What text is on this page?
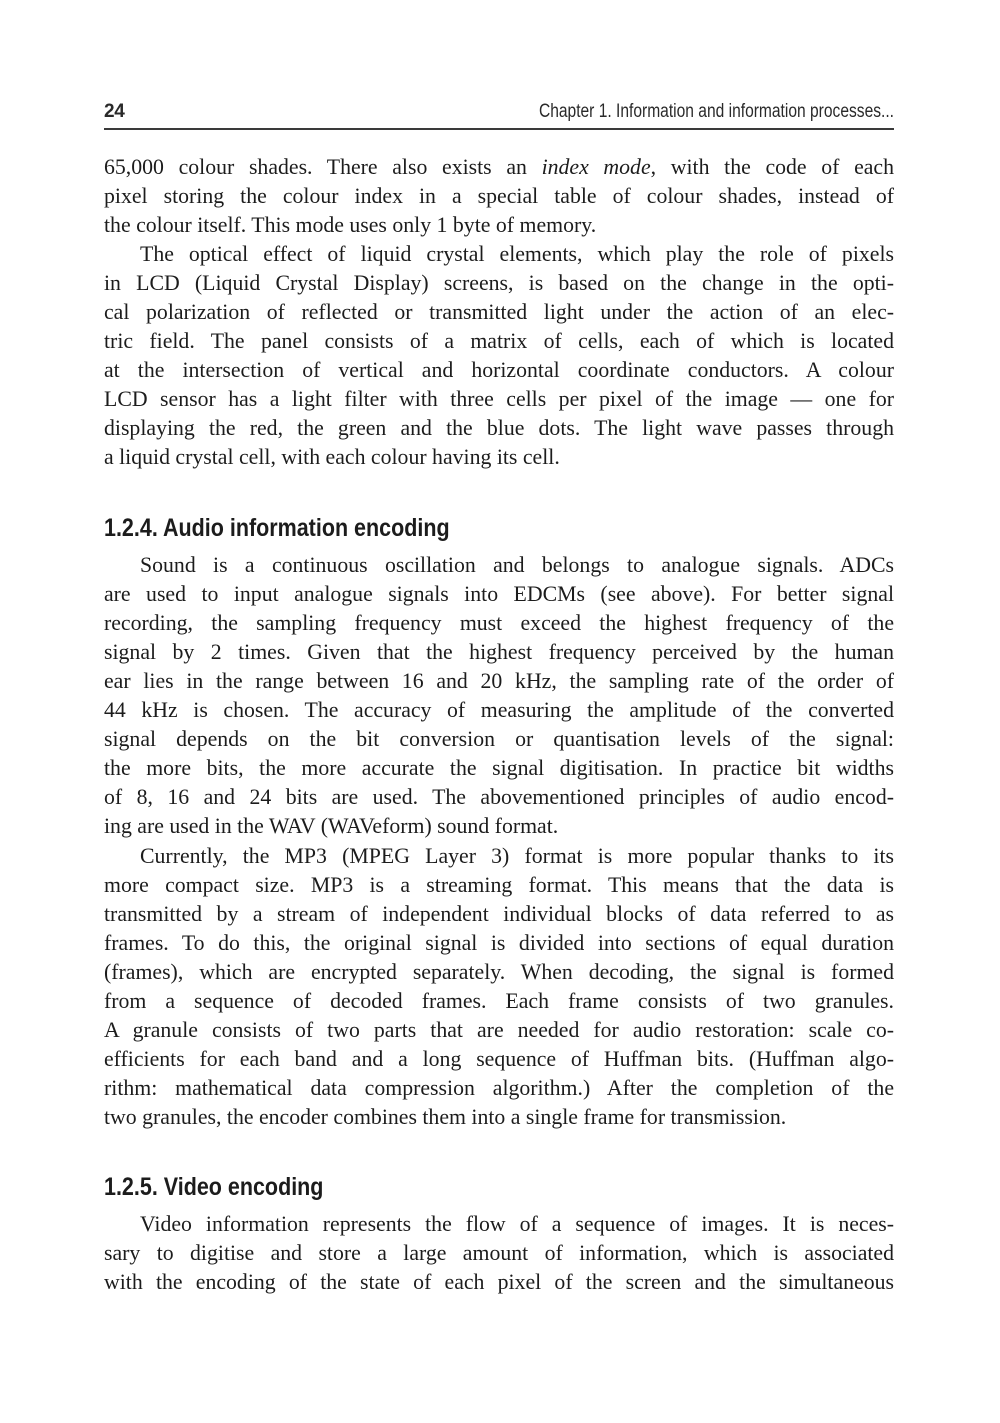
24	Chapter 1. Information and information processes...
65,000 colour shades. There also exists an index mode, with the code of each
pixel storing the colour index in a special table of colour shades, instead of
the colour itself. This mode uses only 1 byte of memory.
The optical effect of liquid crystal elements, which play the role of pixels
in LCD (Liquid Crystal Display) screens, is based on the change in the opti-
cal polarization of reflected or transmitted light under the action of an elec-
tric field. The panel consists of a matrix of cells, each of which is located
at the intersection of vertical and horizontal coordinate conductors. A colour
LCD sensor has a light filter with three cells per pixel of the image — one for
displaying the red, the green and the blue dots. The light wave passes through
a liquid crystal cell, with each colour having its cell.
1.2.4. Audio information encoding
Sound is a continuous oscillation and belongs to analogue signals. ADCs
are used to input analogue signals into EDCMs (see above). For better signal
recording, the sampling frequency must exceed the highest frequency of the
signal by 2 times. Given that the highest frequency perceived by the human
ear lies in the range between 16 and 20 kHz, the sampling rate of the order of
44 kHz is chosen. The accuracy of measuring the amplitude of the converted
signal depends on the bit conversion or quantisation levels of the signal:
the more bits, the more accurate the signal digitisation. In practice bit widths
of 8, 16 and 24 bits are used. The abovementioned principles of audio encod-
ing are used in the WAV (WAVeform) sound format.
Currently, the MP3 (MPEG Layer 3) format is more popular thanks to its
more compact size. MP3 is a streaming format. This means that the data is
transmitted by a stream of independent individual blocks of data referred to as
frames. To do this, the original signal is divided into sections of equal duration
(frames), which are encrypted separately. When decoding, the signal is formed
from a sequence of decoded frames. Each frame consists of two granules.
A granule consists of two parts that are needed for audio restoration: scale co-
efficients for each band and a long sequence of Huffman bits. (Huffman algo-
rithm: mathematical data compression algorithm.) After the completion of the
two granules, the encoder combines them into a single frame for transmission.
1.2.5. Video encoding
Video information represents the flow of a sequence of images. It is neces-
sary to digitise and store a large amount of information, which is associated
with the encoding of the state of each pixel of the screen and the simultaneous
